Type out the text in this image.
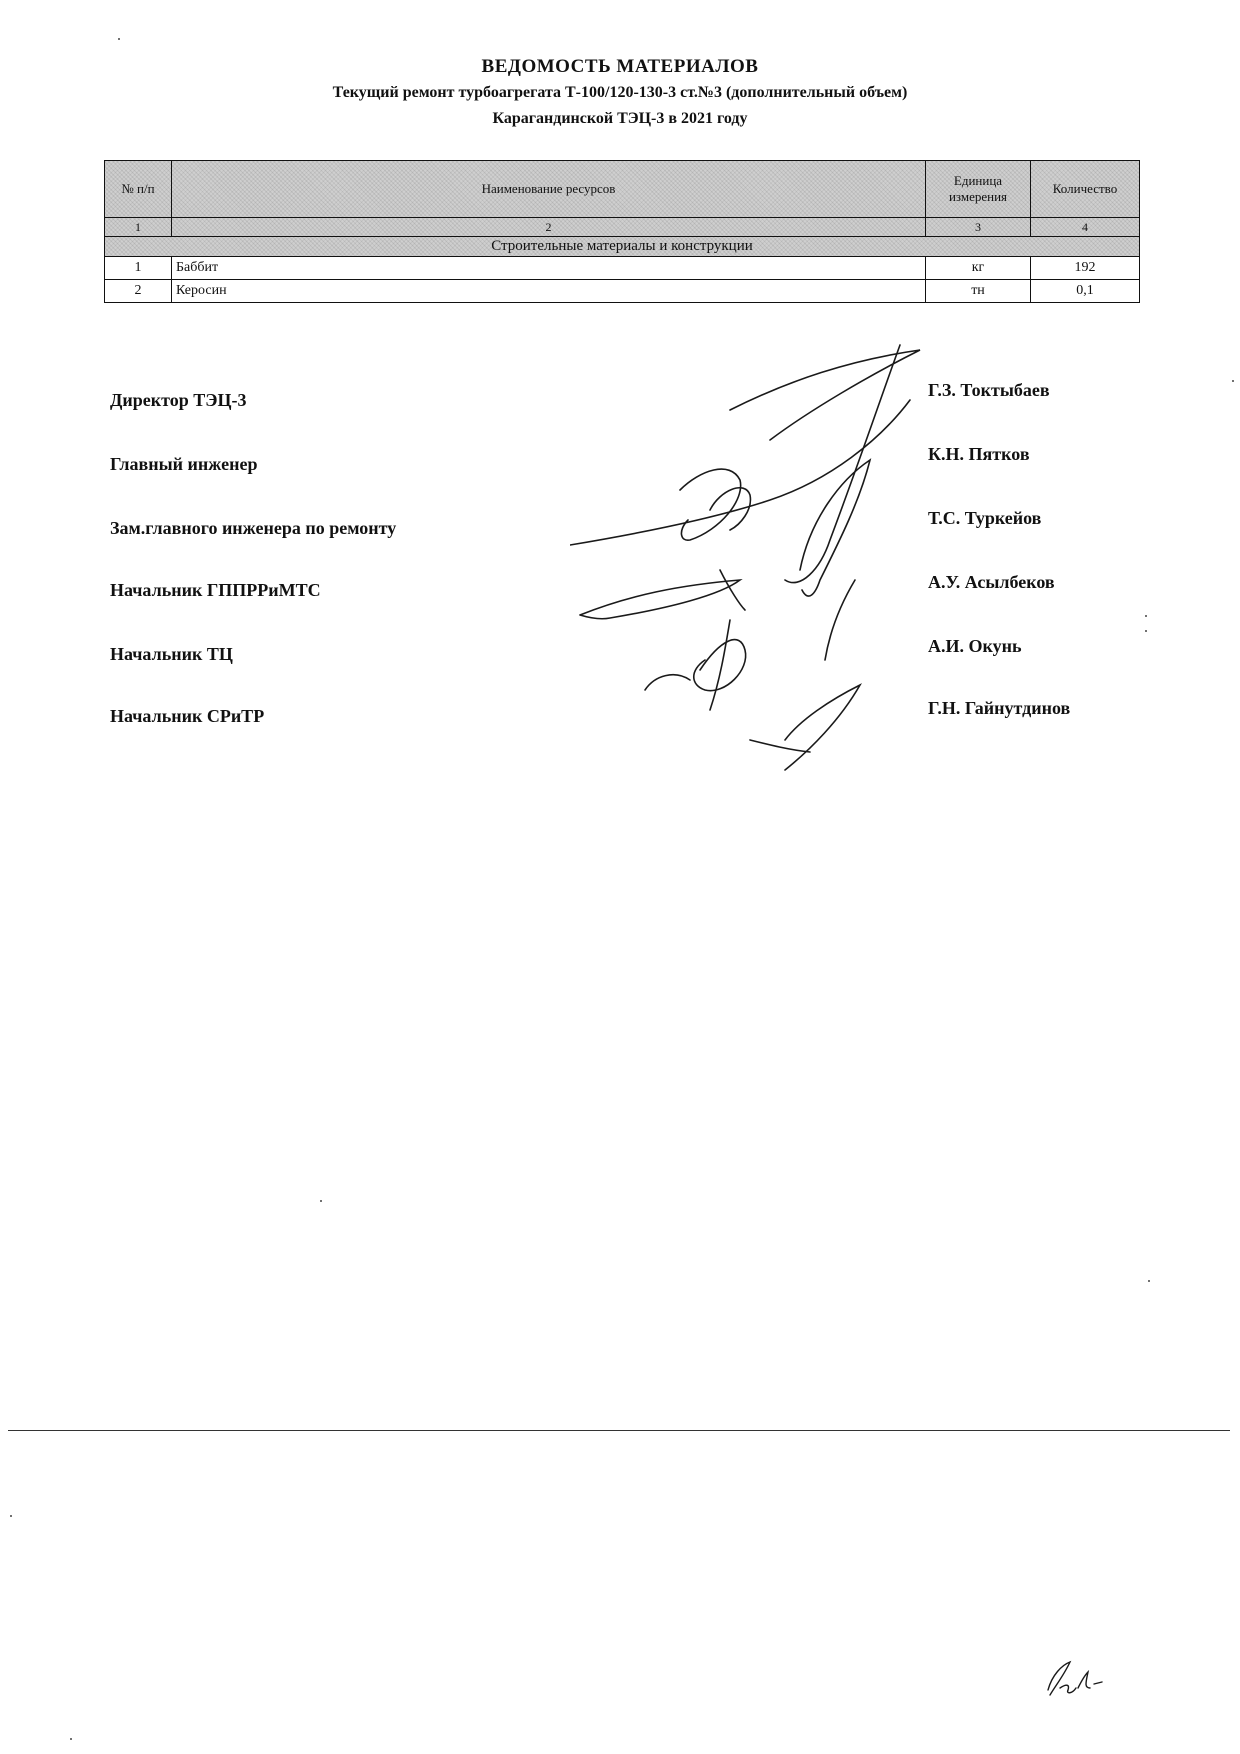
ВЕДОМОСТЬ МАТЕРИАЛОВ
Текущий ремонт турбоагрегата Т-100/120-130-3 ст.№3 (дополнительный объем)
Карагандинской ТЭЦ-3 в 2021 году
№ п/п	Наименование ресурсов	Единица измерения	Количество
1	2	3	4
Строительные материалы и конструкции			
1	Баббит	кг	192
2	Керосин	тн	0,1
Директор ТЭЦ-3	Г.З. Токтыбаев
Главный инженер	К.Н. Пятков
Зам.главного инженера по ремонту	Т.С. Туркейов
Начальник ГППРРиМТС	А.У. Асылбеков
Начальник ТЦ	А.И. Окунь
Начальник СРиТР	Г.Н. Гайнутдинов
